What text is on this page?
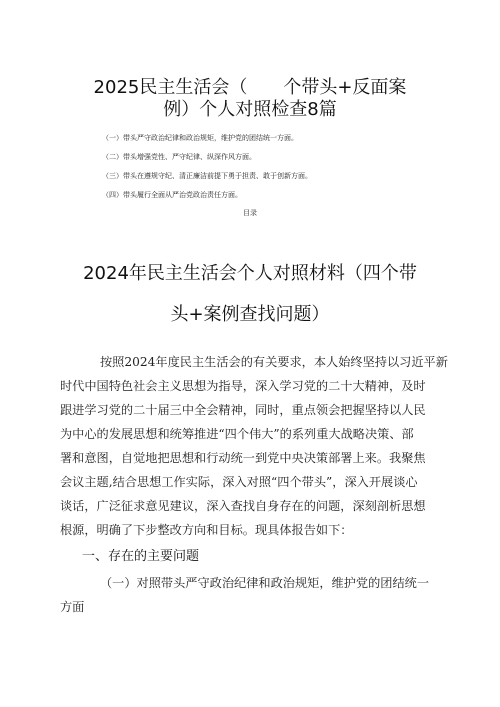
2025民主生活会（　　个带头+反面案
例）个人对照检查8篇
（一）带头严守政治纪律和政治规矩，维护党的团结统一方面。
（二）带头增强党性、严守纪律、纵深作风方面。
（三）带头在遵规守纪、清正廉洁前提下勇于担责、敢于创新方面。
（四）带头履行全面从严治党政治责任方面。
目录
2024年民主生活会个人对照材料（四个带
头+案例查找问题）
按照2024年度民主生活会的有关要求，本人始终坚持以习近平新
时代中国特色社会主义思想为指导，深入学习党的二十大精神，及时
跟进学习党的二十届三中全会精神，同时，重点领会把握坚持以人民
为中心的发展思想和统筹推进“四个伟大”的系列重大战略决策、部
署和意图，自觉地把思想和行动统一到党中央决策部署上来。我聚焦
会议主题,结合思想工作实际，深入对照“四个带头”，深入开展谈心
谈话，广泛征求意见建议，深入查找自身存在的问题，深刻剖析思想
根源，明确了下步整改方向和目标。现具体报告如下：
一、存在的主要问题
（一）对照带头严守政治纪律和政治规矩，维护党的团结统一
方面
